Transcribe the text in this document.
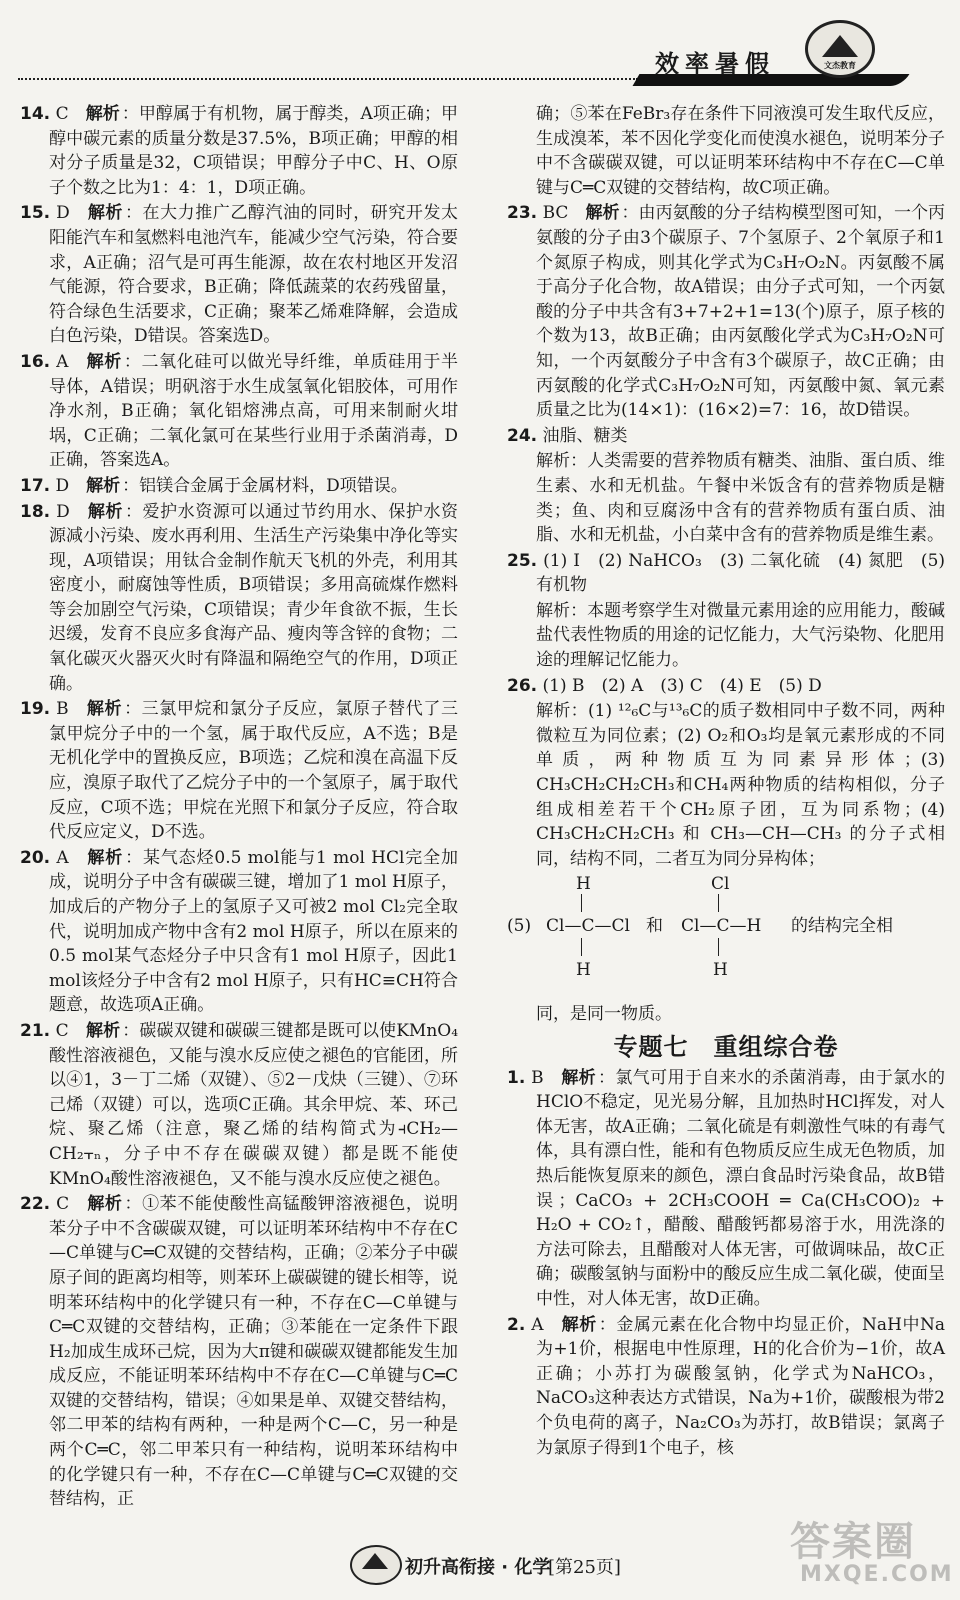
效率暑假	文杰教育

14. C　 解析 ：甲醇属于有机物，属于醇类，A项正确；甲醇中碳元素的质量分数是37.5%，B项正确；甲醇的相对分子质量是32，C项错误；甲醇分子中C、H、O原子个数之比为1：4：1，D项正确。

15. D　 解析 ：在大力推广乙醇汽油的同时，研究开发太阳能汽车和氢燃料电池汽车，能减少空气污染，符合要求，A正确；沼气是可再生能源，故在农村地区开发沼气能源，符合要求，B正确；降低蔬菜的农药残留量，符合绿色生活要求，C正确；聚苯乙烯难降解，会造成白色污染，D错误。答案选D。

16. A　 解析 ：二氧化硅可以做光导纤维，单质硅用于半导体，A错误；明矾溶于水生成氢氧化铝胶体，可用作净水剂，B正确；氧化铝熔沸点高，可用来制耐火坩埚，C正确；二氧化氯可在某些行业用于杀菌消毒，D正确，答案选A。

17. D　 解析 ：铝镁合金属于金属材料，D项错误。

18. D　 解析 ：爱护水资源可以通过节约用水、保护水资源减小污染、废水再利用、生活生产污染集中净化等实现，A项错误；用钛合金制作航天飞机的外壳，利用其密度小，耐腐蚀等性质，B项错误；多用高硫煤作燃料等会加剧空气污染，C项错误；青少年食欲不振，生长迟缓，发育不良应多食海产品、瘦肉等含锌的食物；二氧化碳灭火器灭火时有降温和隔绝空气的作用，D项正确。

19. B　 解析 ：三氯甲烷和氯分子反应，氯原子替代了三氯甲烷分子中的一个氢，属于取代反应，A不选；B是无机化学中的置换反应，B项选；乙烷和溴在高温下反应，溴原子取代了乙烷分子中的一个氢原子，属于取代反应，C项不选；甲烷在光照下和氯分子反应，符合取代反应定义，D不选。

20. A　 解析 ：某气态烃0.5 mol能与1 mol HCl完全加成，说明分子中含有碳碳三键，增加了1 mol H原子，加成后的产物分子上的氢原子又可被2 mol Cl₂完全取代，说明加成产物中含有2 mol H原子，所以在原来的0.5 mol某气态烃分子中只含有1 mol H原子，因此1 mol该烃分子中含有2 mol H原子，只有HC≡CH符合题意，故选项A正确。

21. C　 解析 ：碳碳双键和碳碳三键都是既可以使KMnO₄酸性溶液褪色，又能与溴水反应使之褪色的官能团，所以④1，3－丁二烯（双键）、⑤2－戊炔（三键）、⑦环己烯（双键）可以，选项C正确。其余甲烷、苯、环己烷、聚乙烯（注意，聚乙烯的结构简式为⫞CH₂—CH₂⫟ₙ，分子中不存在碳碳双键）都是既不能使KMnO₄酸性溶液褪色，又不能与溴水反应使之褪色。

22. C　 解析 ：①苯不能使酸性高锰酸钾溶液褪色，说明苯分子中不含碳碳双键，可以证明苯环结构中不存在C—C单键与C═C双键的交替结构，正确；②苯分子中碳原子间的距离均相等，则苯环上碳碳键的键长相等，说明苯环结构中的化学键只有一种，不存在C—C单键与C═C双键的交替结构，正确；③苯能在一定条件下跟H₂加成生成环己烷，因为大π键和碳碳双键都能发生加成反应，不能证明苯环结构中不存在C—C单键与C═C双键的交替结构，错误；④如果是单、双键交替结构，邻二甲苯的结构有两种，一种是两个C—C，另一种是两个C═C，邻二甲苯只有一种结构，说明苯环结构中的化学键只有一种，不存在C—C单键与C═C双键的交替结构，正

确；⑤苯在FeBr₃存在条件下同液溴可发生取代反应，生成溴苯，苯不因化学变化而使溴水褪色，说明苯分子中不含碳碳双键，可以证明苯环结构中不存在C—C单键与C═C双键的交替结构，故C项正确。

23. BC　 解析 ：由丙氨酸的分子结构模型图可知，一个丙氨酸的分子由3个碳原子、7个氢原子、2个氧原子和1个氮原子构成，则其化学式为C₃H₇O₂N。丙氨酸不属于高分子化合物，故A错误；由分子式可知，一个丙氨酸的分子中共含有3+7+2+1=13(个)原子，原子核的个数为13，故B正确；由丙氨酸化学式为C₃H₇O₂N可知，一个丙氨酸分子中含有3个碳原子，故C正确；由丙氨酸的化学式C₃H₇O₂N可知，丙氨酸中氮、氧元素质量之比为(14×1)：(16×2)=7：16，故D错误。

24. 油脂、糖类

解析：人类需要的营养物质有糖类、油脂、蛋白质、维生素、水和无机盐。午餐中米饭含有的营养物质是糖类；鱼、肉和豆腐汤中含有的营养物质有蛋白质、油脂、水和无机盐，小白菜中含有的营养物质是维生素。

25. (1) I　(2) NaHCO₃　(3) 二氧化硫　(4) 氮肥　(5) 有机物

解析：本题考察学生对微量元素用途的应用能力，酸碱盐代表性物质的用途的记忆能力，大气污染物、化肥用途的理解记忆能力。

26. (1) B　(2) A　(3) C　(4) E　(5) D

解析：(1) ¹²₆C与¹³₆C的质子数相同中子数不同，两种微粒互为同位素；(2) O₂和O₃均是氧元素形成的不同单质，两种物质互为同素异形体；(3) CH₃CH₂CH₂CH₃和CH₄两种物质的结构相似，分子组成相差若干个CH₂原子团，互为同系物；(4) CH₃CH₂CH₂CH₃ 和 CH₃—CH—CH₃ 的分子式相同，结构不同，二者互为同分异构体；

H	Cl
(5) Cl—C—Cl 和 Cl—C—H 的结构完全相
H	H

同，是同一物质。

专题七　重组综合卷

1. B　 解析 ：氯气可用于自来水的杀菌消毒，由于氯水的HClO不稳定，见光易分解，且加热时HCl挥发，对人体无害，故A正确；二氧化硫是有刺激性气味的有毒气体，具有漂白性，能和有色物质反应生成无色物质，加热后能恢复原来的颜色，漂白食品时污染食品，故B错误；CaCO₃ + 2CH₃COOH ═ Ca(CH₃COO)₂ + H₂O + CO₂↑，醋酸、醋酸钙都易溶于水，用洗涤的方法可除去，且醋酸对人体无害，可做调味品，故C正确；碳酸氢钠与面粉中的酸反应生成二氧化碳，使面呈中性，对人体无害，故D正确。

2. A　 解析 ：金属元素在化合物中均显正价，NaH中Na为+1价，根据电中性原理，H的化合价为−1价，故A正确；小苏打为碳酸氢钠，化学式为NaHCO₃，NaCO₃这种表达方式错误，Na为+1价，碳酸根为带2个负电荷的离子，Na₂CO₃为苏打，故B错误；氯离子为氯原子得到1个电子，核

初升高衔接 · 化学
[第25页]
答案圈
MXQE.COM
